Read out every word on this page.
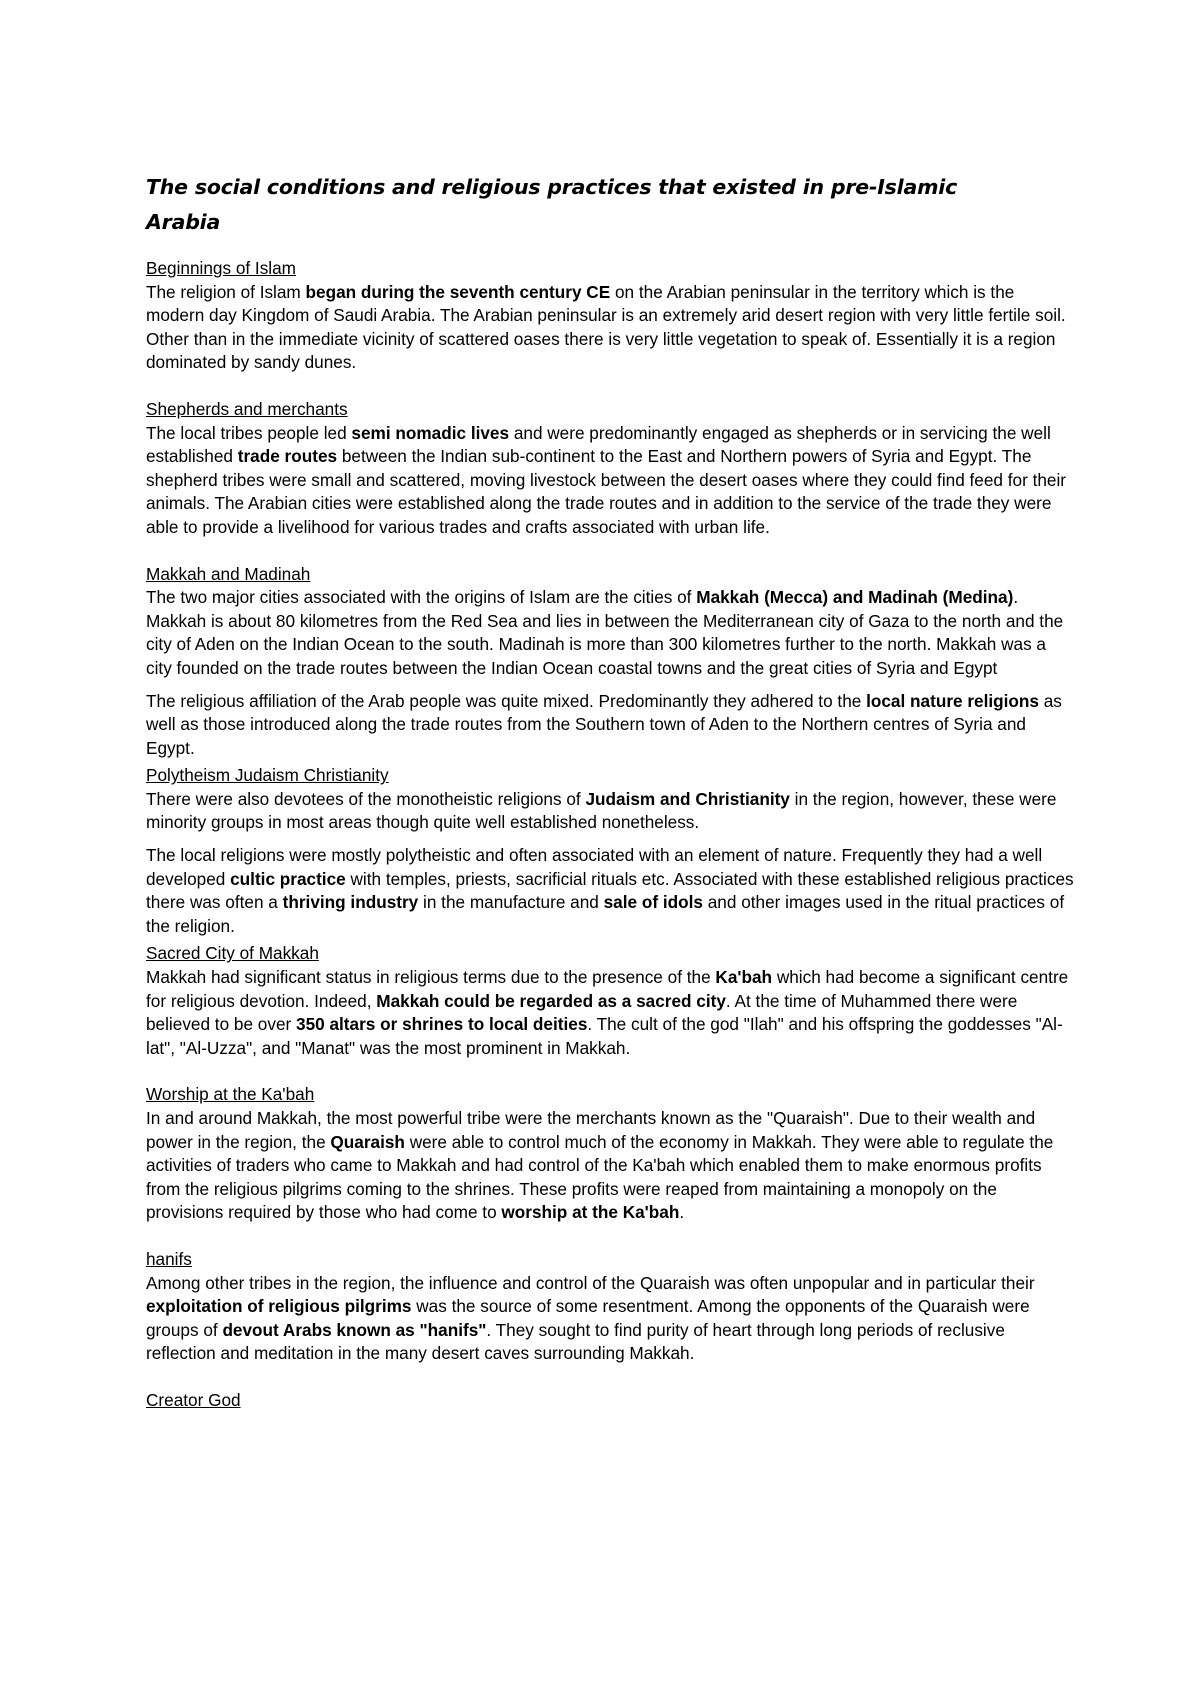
The social conditions and religious practices that existed in pre-Islamic
Arabia
Beginnings of Islam

The religion of Islam began during the seventh century CE on the Arabian peninsular in the territory which is the modern day Kingdom of Saudi Arabia. The Arabian peninsular is an extremely arid desert region with very little fertile soil. Other than in the immediate vicinity of scattered oases there is very little vegetation to speak of. Essentially it is a region dominated by sandy dunes.

Shepherds and merchants

The local tribes people led semi nomadic lives and were predominantly engaged as shepherds or in servicing the well established trade routes between the Indian sub-continent to the East and Northern powers of Syria and Egypt. The shepherd tribes were small and scattered, moving livestock between the desert oases where they could find feed for their animals. The Arabian cities were established along the trade routes and in addition to the service of the trade they were able to provide a livelihood for various trades and crafts associated with urban life.

Makkah and Madinah

The two major cities associated with the origins of Islam are the cities of Makkah (Mecca) and Madinah (Medina). Makkah is about 80 kilometres from the Red Sea and lies in between the Mediterranean city of Gaza to the north and the city of Aden on the Indian Ocean to the south. Madinah is more than 300 kilometres further to the north. Makkah was a city founded on the trade routes between the Indian Ocean coastal towns and the great cities of Syria and Egypt

The religious affiliation of the Arab people was quite mixed. Predominantly they adhered to the local nature religions as well as those introduced along the trade routes from the Southern town of Aden to the Northern centres of Syria and Egypt.

Polytheism Judaism Christianity

There were also devotees of the monotheistic religions of Judaism and Christianity in the region, however, these were minority groups in most areas though quite well established nonetheless.

The local religions were mostly polytheistic and often associated with an element of nature. Frequently they had a well developed cultic practice with temples, priests, sacrificial rituals etc. Associated with these established religious practices there was often a thriving industry in the manufacture and sale of idols and other images used in the ritual practices of the religion.

Sacred City of Makkah

Makkah had significant status in religious terms due to the presence of the Ka'bah which had become a significant centre for religious devotion. Indeed, Makkah could be regarded as a sacred city. At the time of Muhammed there were believed to be over 350 altars or shrines to local deities. The cult of the god "Ilah" and his offspring the goddesses "Al-lat", "Al-Uzza", and "Manat" was the most prominent in Makkah.

Worship at the Ka'bah

In and around Makkah, the most powerful tribe were the merchants known as the "Quaraish". Due to their wealth and power in the region, the Quaraish were able to control much of the economy in Makkah. They were able to regulate the activities of traders who came to Makkah and had control of the Ka'bah which enabled them to make enormous profits from the religious pilgrims coming to the shrines. These profits were reaped from maintaining a monopoly on the provisions required by those who had come to worship at the Ka'bah.

hanifs

Among other tribes in the region, the influence and control of the Quaraish was often unpopular and in particular their exploitation of religious pilgrims was the source of some resentment. Among the opponents of the Quaraish were groups of devout Arabs known as "hanifs". They sought to find purity of heart through long periods of reclusive reflection and meditation in the many desert caves surrounding Makkah.

Creator God
